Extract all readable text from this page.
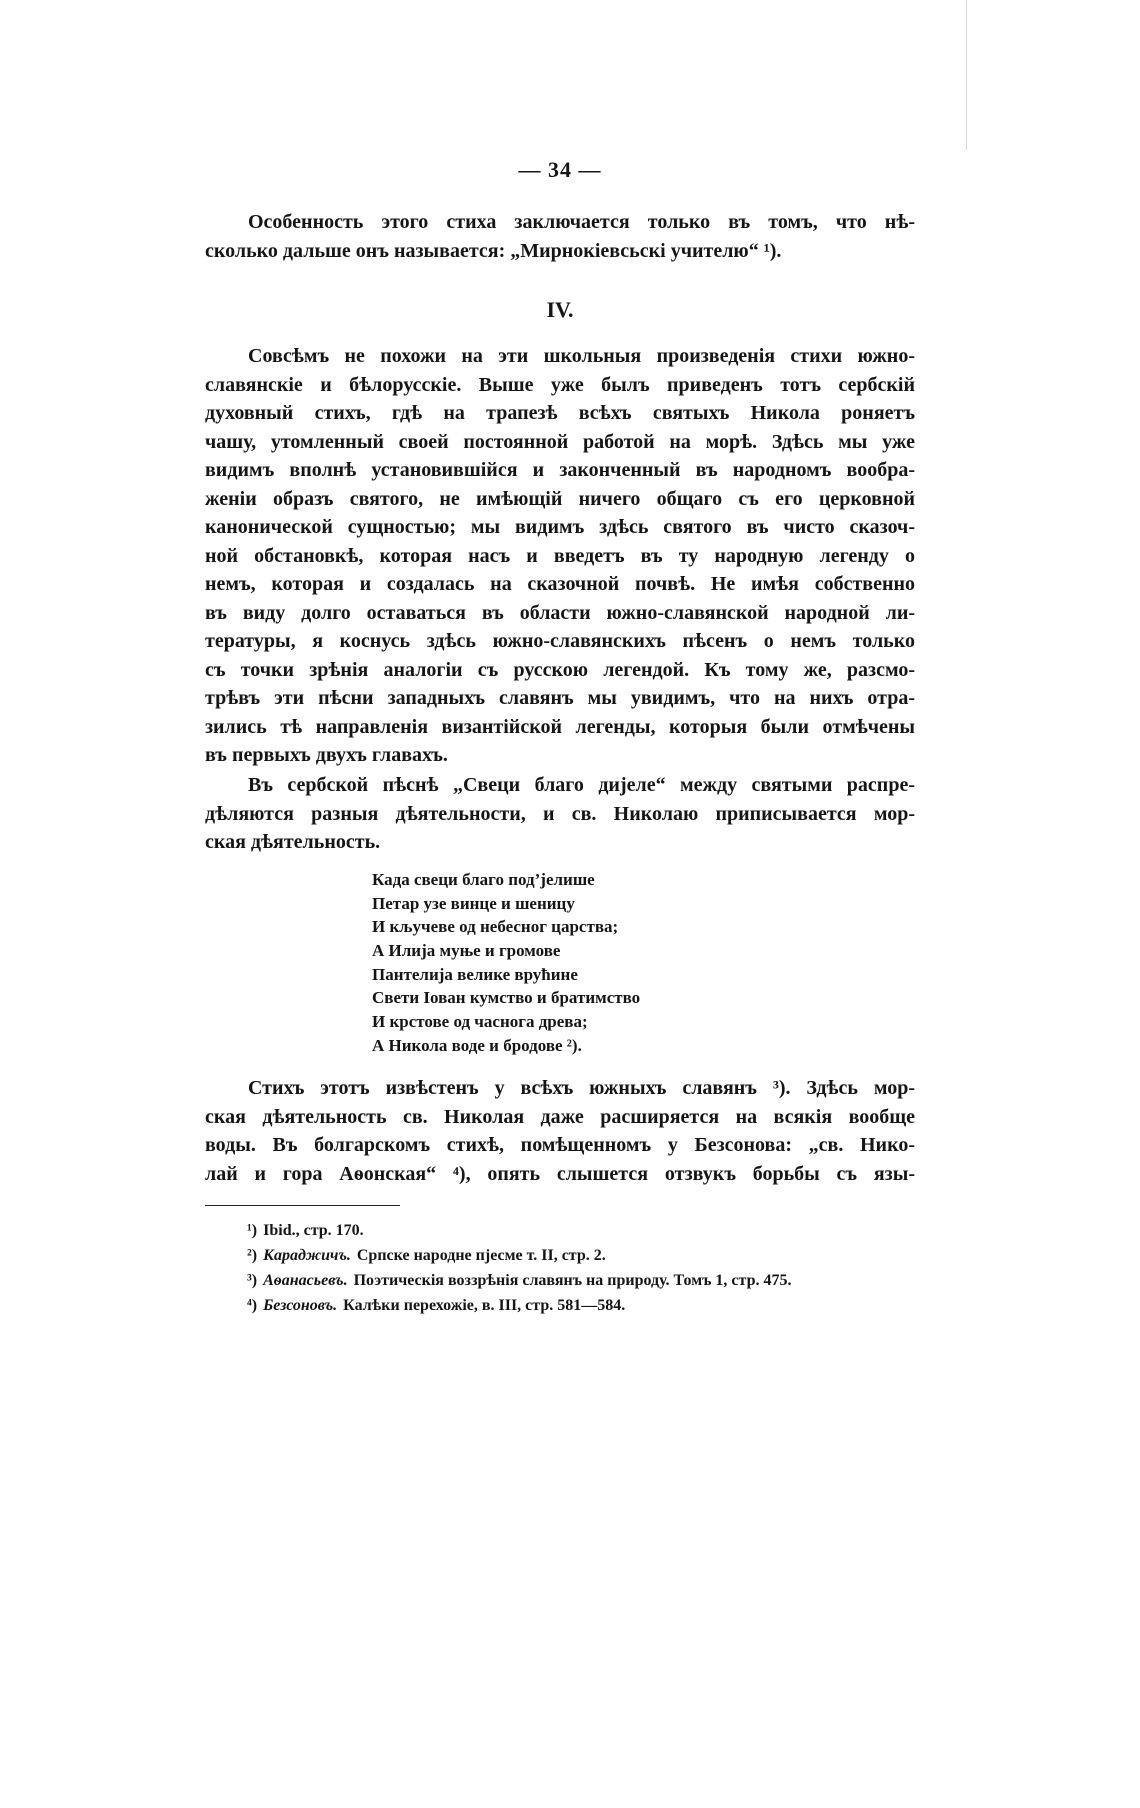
— 34 —
Особенность этого стиха заключается только въ томъ, что нѣ-
сколько дальше онъ называется: „Мирнокіевсьскі учителю“ ¹).
IV.
Совсѣмъ не похожи на эти школьныя произведенія стихи южно-
славянскіе и бѣлорусскіе. Выше уже былъ приведенъ тотъ сербскій
духовный стихъ, гдѣ на трапезѣ всѣхъ святыхъ Никола роняетъ
чашу, утомленный своей постоянной работой на морѣ. Здѣсь мы уже
видимъ вполнѣ установившійся и законченный въ народномъ вообра-
женіи образъ святого, не имѣющій ничего общаго съ его церковной
канонической сущностью; мы видимъ здѣсь святого въ чисто сказоч-
ной обстановкѣ, которая насъ и введетъ въ ту народную легенду о
немъ, которая и создалась на сказочной почвѣ. Не имѣя собственно
въ виду долго оставаться въ области южно-славянской народной ли-
тературы, я коснусь здѣсь южно-славянскихъ пѣсенъ о немъ только
съ точки зрѣнія аналогіи съ русскою легендой. Къ тому же, разсмо-
трѣвъ эти пѣсни западныхъ славянъ мы увидимъ, что на нихъ отра-
зились тѣ направленія византійской легенды, которыя были отмѣчены
въ первыхъ двухъ главахъ.
Въ сербской пѣснѣ „Свеци благо дијеле“ между святыми распре-
дѣляются разныя дѣятельности, и св. Николаю приписывается мор-
ская дѣятельность.
Када свеци благо под’јелише
Петар узе винце и шеницу
И кључеве од небесног царства;
А Илија муње и громове
Пантелија велике врућине
Свети Іован кумство и братимство
И крстове од часнога древа;
А Никола воде и бродове ²).
Стихъ этотъ извѣстенъ у всѣхъ южныхъ славянъ ³). Здѣсь мор-
ская дѣятельность св. Николая даже расширяется на всякія вообще
воды. Въ болгарскомъ стихѣ, помѣщенномъ у Безсонова: „св. Нико-
лай и гора Аѳонская“ ⁴), опять слышется отзвукъ борьбы съ язы-
¹) Ibid., стр. 170.
²) Караджичъ. Српске народне пјесме т. II, стр. 2.
³) Аѳанасьевъ. Поэтическія воззрѣнія славянъ на природу. Томъ 1, стр. 475.
⁴) Безсоновъ. Калѣки перехожіе, в. III, стр. 581—584.
